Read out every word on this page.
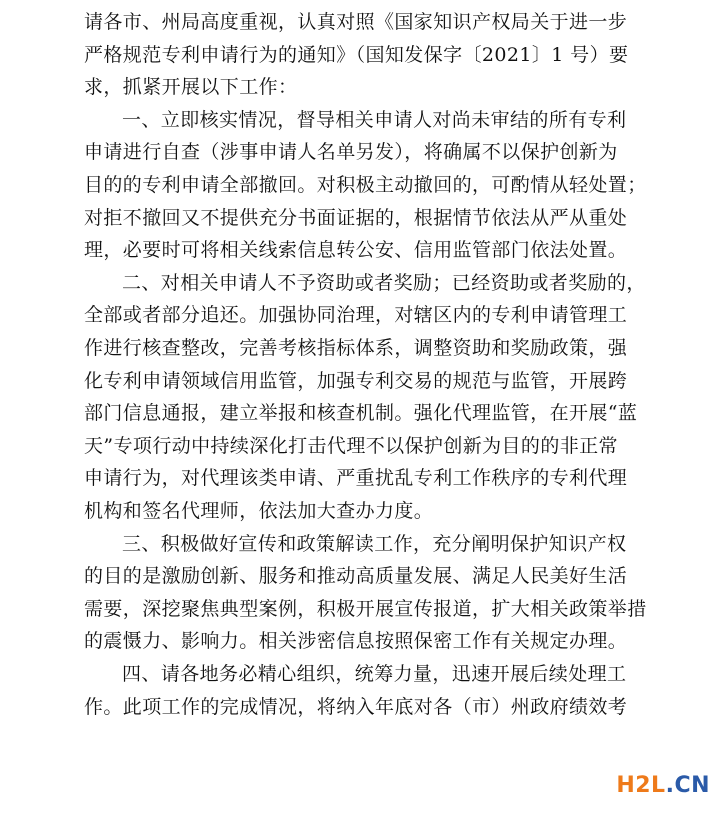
请各市、州局高度重视，认真对照《国家知识产权局关于进一步
严格规范专利申请行为的通知》（国知发保字〔2021〕1 号）要
求，抓紧开展以下工作：
一、立即核实情况，督导相关申请人对尚未审结的所有专利
申请进行自查（涉事申请人名单另发），将确属不以保护创新为
目的的专利申请全部撤回。对积极主动撤回的，可酌情从轻处置；
对拒不撤回又不提供充分书面证据的，根据情节依法从严从重处
理，必要时可将相关线索信息转公安、信用监管部门依法处置。
二、对相关申请人不予资助或者奖励；已经资助或者奖励的，
全部或者部分追还。加强协同治理，对辖区内的专利申请管理工
作进行核查整改，完善考核指标体系，调整资助和奖励政策，强
化专利申请领域信用监管，加强专利交易的规范与监管，开展跨
部门信息通报，建立举报和核查机制。强化代理监管，在开展“蓝
天”专项行动中持续深化打击代理不以保护创新为目的的非正常
申请行为，对代理该类申请、严重扰乱专利工作秩序的专利代理
机构和签名代理师，依法加大查办力度。
三、积极做好宣传和政策解读工作，充分阐明保护知识产权
的目的是激励创新、服务和推动高质量发展、满足人民美好生活
需要，深挖聚焦典型案例，积极开展宣传报道，扩大相关政策举措
的震慑力、影响力。相关涉密信息按照保密工作有关规定办理。
四、请各地务必精心组织，统筹力量，迅速开展后续处理工
作。此项工作的完成情况，将纳入年底对各（市）州政府绩效考
H2L.CN
